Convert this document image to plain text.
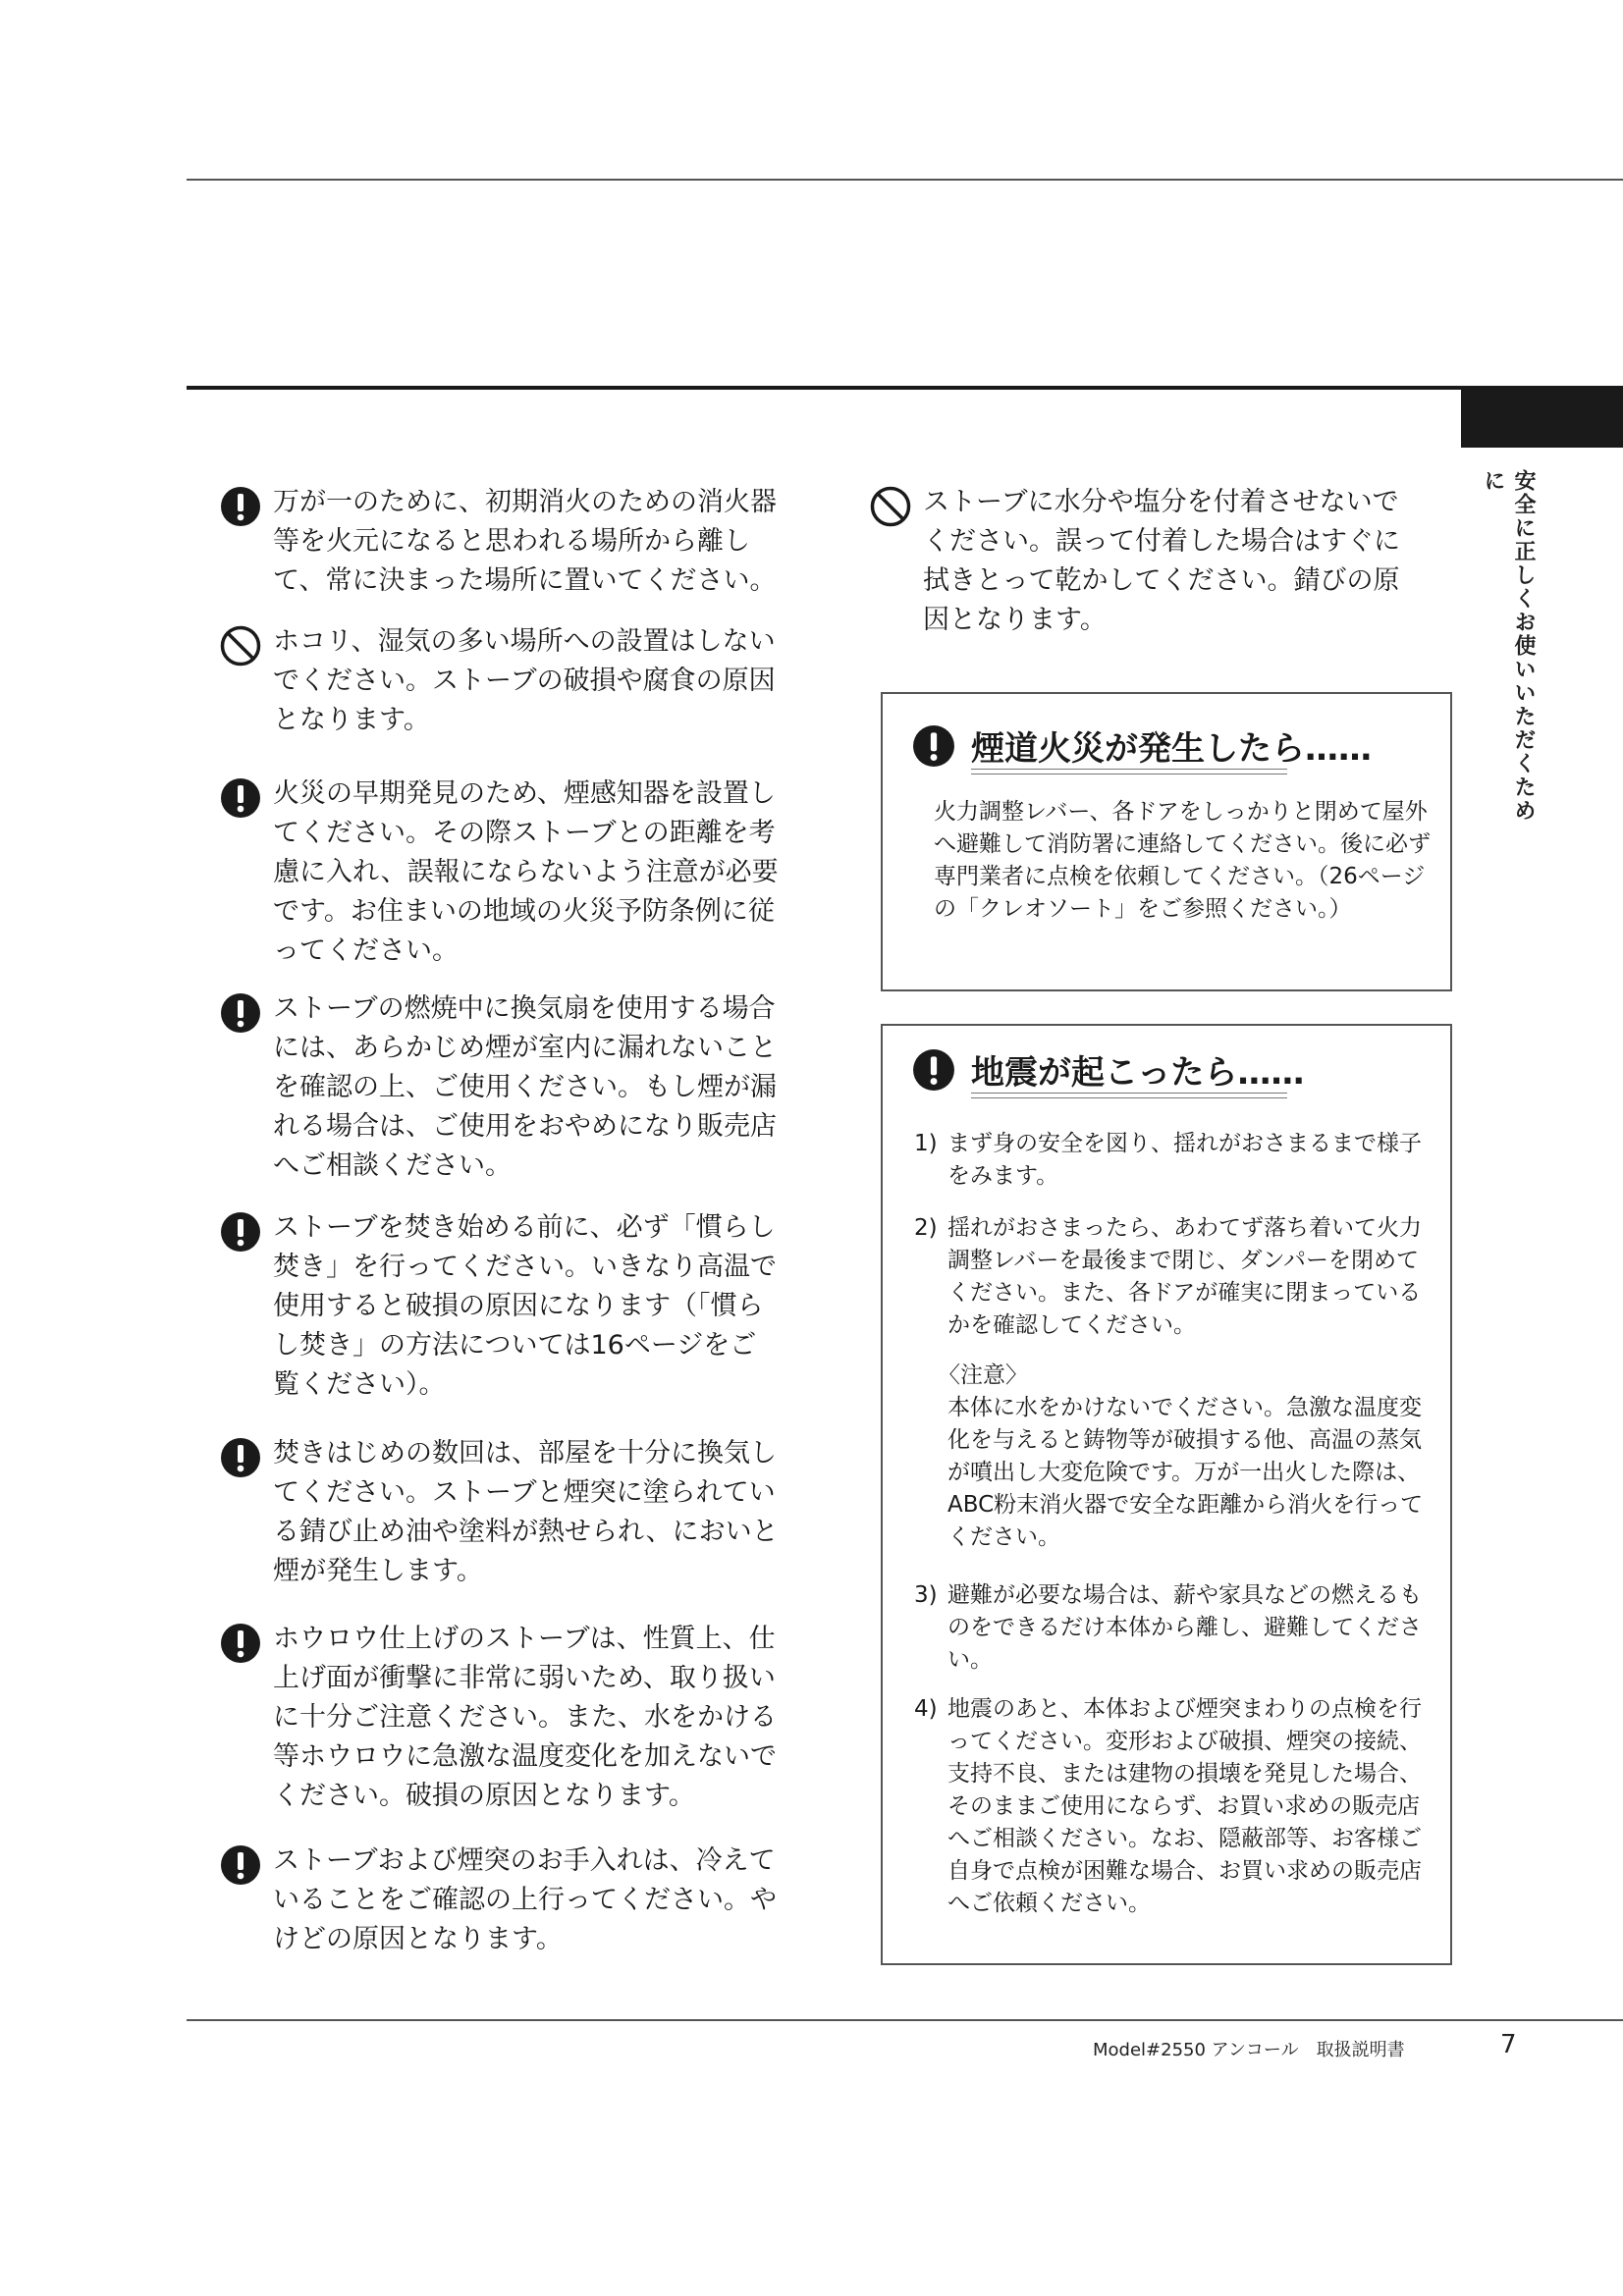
安全に正しくお使いいただくために
万が一のために、初期消火のための消火器等を火元になると思われる場所から離して、常に決まった場所に置いてください。
ホコリ、湿気の多い場所への設置はしないでください。ストーブの破損や腐食の原因となります。
火災の早期発見のため、煙感知器を設置してください。その際ストーブとの距離を考慮に入れ、誤報にならないよう注意が必要です。お住まいの地域の火災予防条例に従ってください。
ストーブの燃焼中に換気扇を使用する場合には、あらかじめ煙が室内に漏れないことを確認の上、ご使用ください。もし煙が漏れる場合は、ご使用をおやめになり販売店へご相談ください。
ストーブを焚き始める前に、必ず「慣らし焚き」を行ってください。いきなり高温で使用すると破損の原因になります（「慣らし焚き」の方法については16ページをご覧ください）。
焚きはじめの数回は、部屋を十分に換気してください。ストーブと煙突に塗られている錆び止め油や塗料が熱せられ、においと煙が発生します。
ホウロウ仕上げのストーブは、性質上、仕上げ面が衝撃に非常に弱いため、取り扱いに十分ご注意ください。また、水をかける等ホウロウに急激な温度変化を加えないでください。破損の原因となります。
ストーブおよび煙突のお手入れは、冷えていることをご確認の上行ってください。やけどの原因となります。
ストーブに水分や塩分を付着させないでください。誤って付着した場合はすぐに拭きとって乾かしてください。錆びの原因となります。
煙道火災が発生したら……
火力調整レバー、各ドアをしっかりと閉めて屋外へ避難して消防署に連絡してください。後に必ず専門業者に点検を依頼してください。（26ページの「クレオソート」をご参照ください。）
地震が起こったら……
1) まず身の安全を図り、揺れがおさまるまで様子をみます。
2) 揺れがおさまったら、あわてず落ち着いて火力調整レバーを最後まで閉じ、ダンパーを閉めてください。また、各ドアが確実に閉まっているかを確認してください。
〈注意〉
本体に水をかけないでください。急激な温度変化を与えると鋳物等が破損する他、高温の蒸気が噴出し大変危険です。万が一出火した際は、ABC粉末消火器で安全な距離から消火を行ってください。
3) 避難が必要な場合は、薪や家具などの燃えるものをできるだけ本体から離し、避難してください。
4) 地震のあと、本体および煙突まわりの点検を行ってください。変形および破損、煙突の接続、支持不良、または建物の損壊を発見した場合、そのままご使用にならず、お買い求めの販売店へご相談ください。なお、隠蔽部等、お客様ご自身で点検が困難な場合、お買い求めの販売店へご依頼ください。
Model#2550 アンコール　取扱説明書	7
